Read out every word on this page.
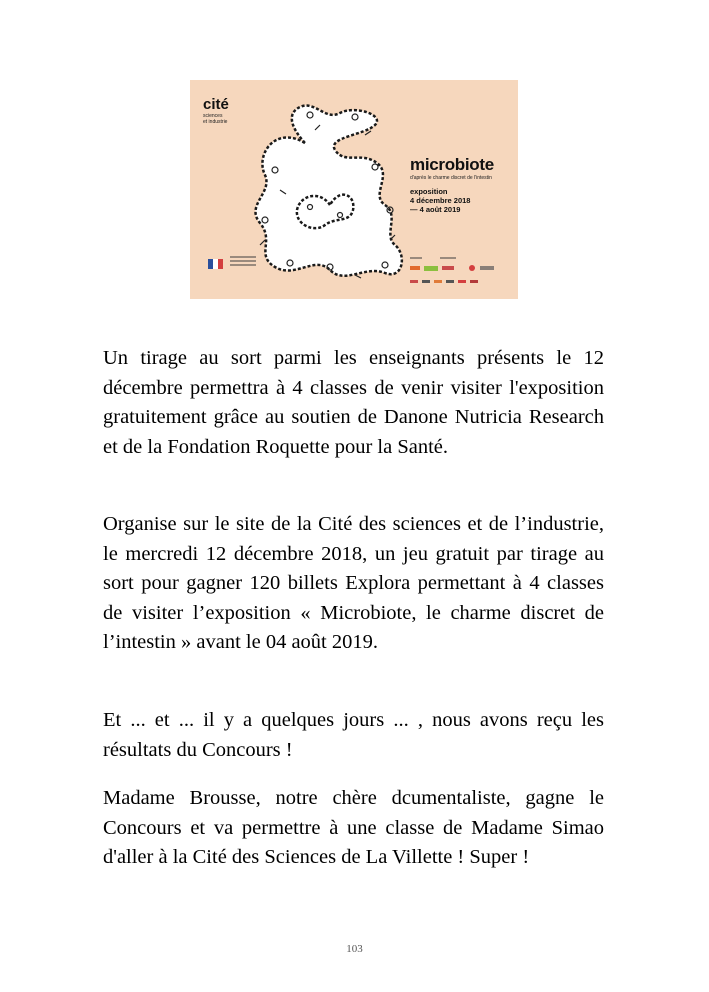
cité
sciences
et industrie
microbiote
d'après le charme discret de l'intestin
exposition
4 décembre 2018
— 4 août 2019
Un tirage au sort parmi les enseignants présents le 12 décembre permettra à 4 classes de venir visiter l'exposition gratuitement grâce au soutien de Danone Nutricia Research et de la Fondation Roquette pour la Santé.
Organise sur le site de la Cité des sciences et de l’industrie, le mercredi 12 décembre 2018, un jeu gratuit par tirage au sort pour gagner 120 billets Explora permettant à 4 classes de visiter l’exposition « Microbiote, le charme discret de l’intestin » avant le 04 août 2019.
Et ... et ... il y a quelques jours ... , nous avons reçu les résultats du Concours !
Madame Brousse, notre chère dcumentaliste, gagne le Concours et va permettre à une classe de Madame Simao d'aller à la Cité des Sciences de La Villette ! Super !
103
